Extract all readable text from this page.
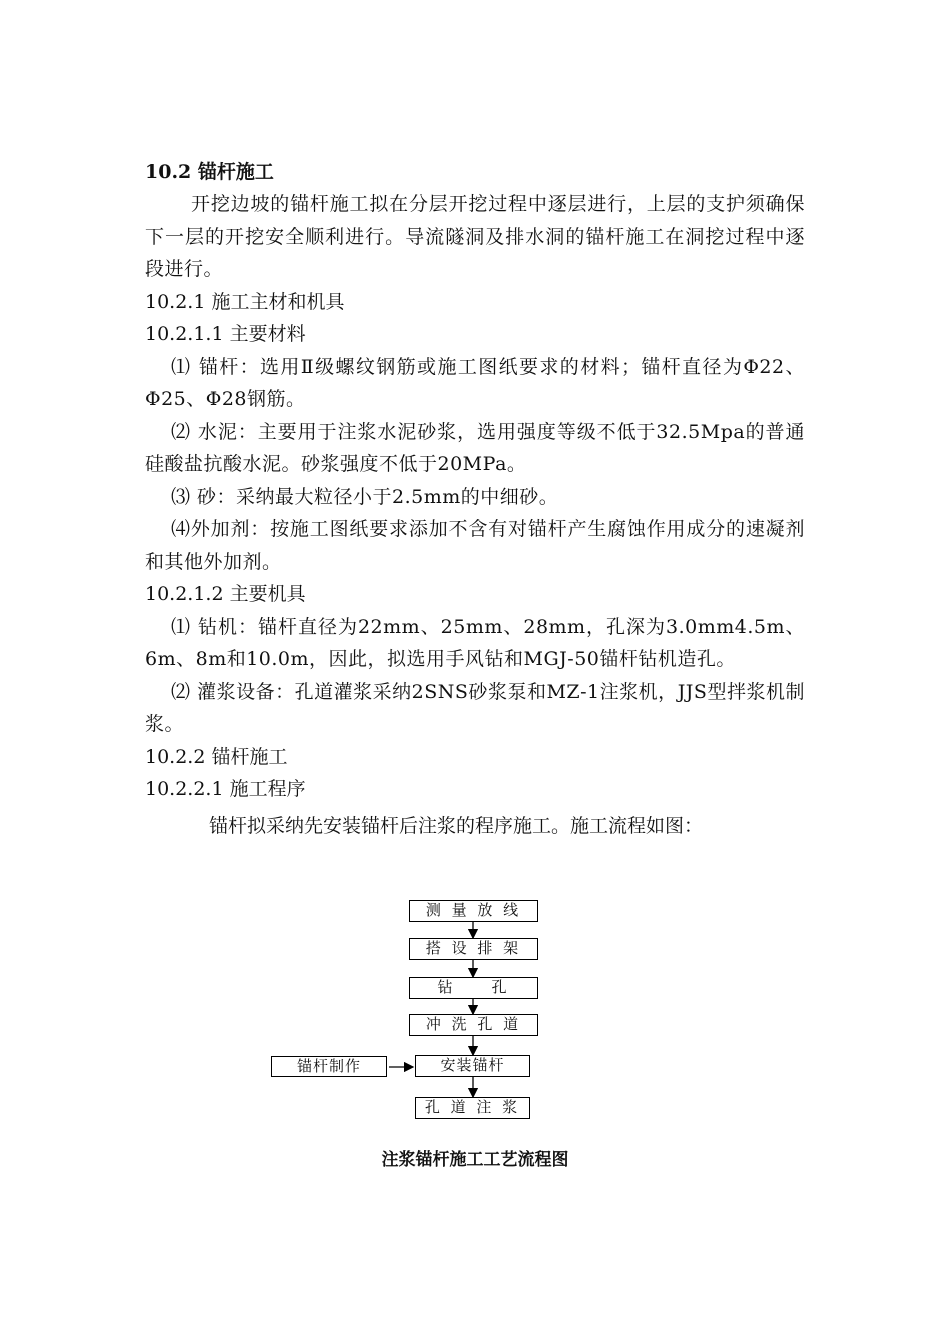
10.2 锚杆施工
开挖边坡的锚杆施工拟在分层开挖过程中逐层进行，上层的支护须确保下一层的开挖安全顺利进行。导流隧洞及排水洞的锚杆施工在洞挖过程中逐段进行。
10.2.1 施工主材和机具
10.2.1.1 主要材料
⑴ 锚杆：选用Ⅱ级螺纹钢筋或施工图纸要求的材料；锚杆直径为Φ22、Φ25、Φ28钢筋。
⑵ 水泥：主要用于注浆水泥砂浆，选用强度等级不低于32.5Mpa的普通硅酸盐抗酸水泥。砂浆强度不低于20MPa。
⑶ 砂：采纳最大粒径小于2.5mm的中细砂。
⑷外加剂：按施工图纸要求添加不含有对锚杆产生腐蚀作用成分的速凝剂和其他外加剂。
10.2.1.2 主要机具
⑴ 钻机：锚杆直径为22mm、25mm、28mm，孔深为3.0mm4.5m、6m、8m和10.0m，因此，拟选用手风钻和MGJ-50锚杆钻机造孔。
⑵ 灌浆设备：孔道灌浆采纳2SNS砂浆泵和MZ-1注浆机，JJS型拌浆机制浆。
10.2.2 锚杆施工
10.2.2.1 施工程序
锚杆拟采纳先安装锚杆后注浆的程序施工。施工流程如图：
测 量 放 线
搭 设 排 架
钻　　孔
冲 洗 孔 道
安装锚杆
孔 道 注 浆
锚杆制作
注浆锚杆施工工艺流程图
